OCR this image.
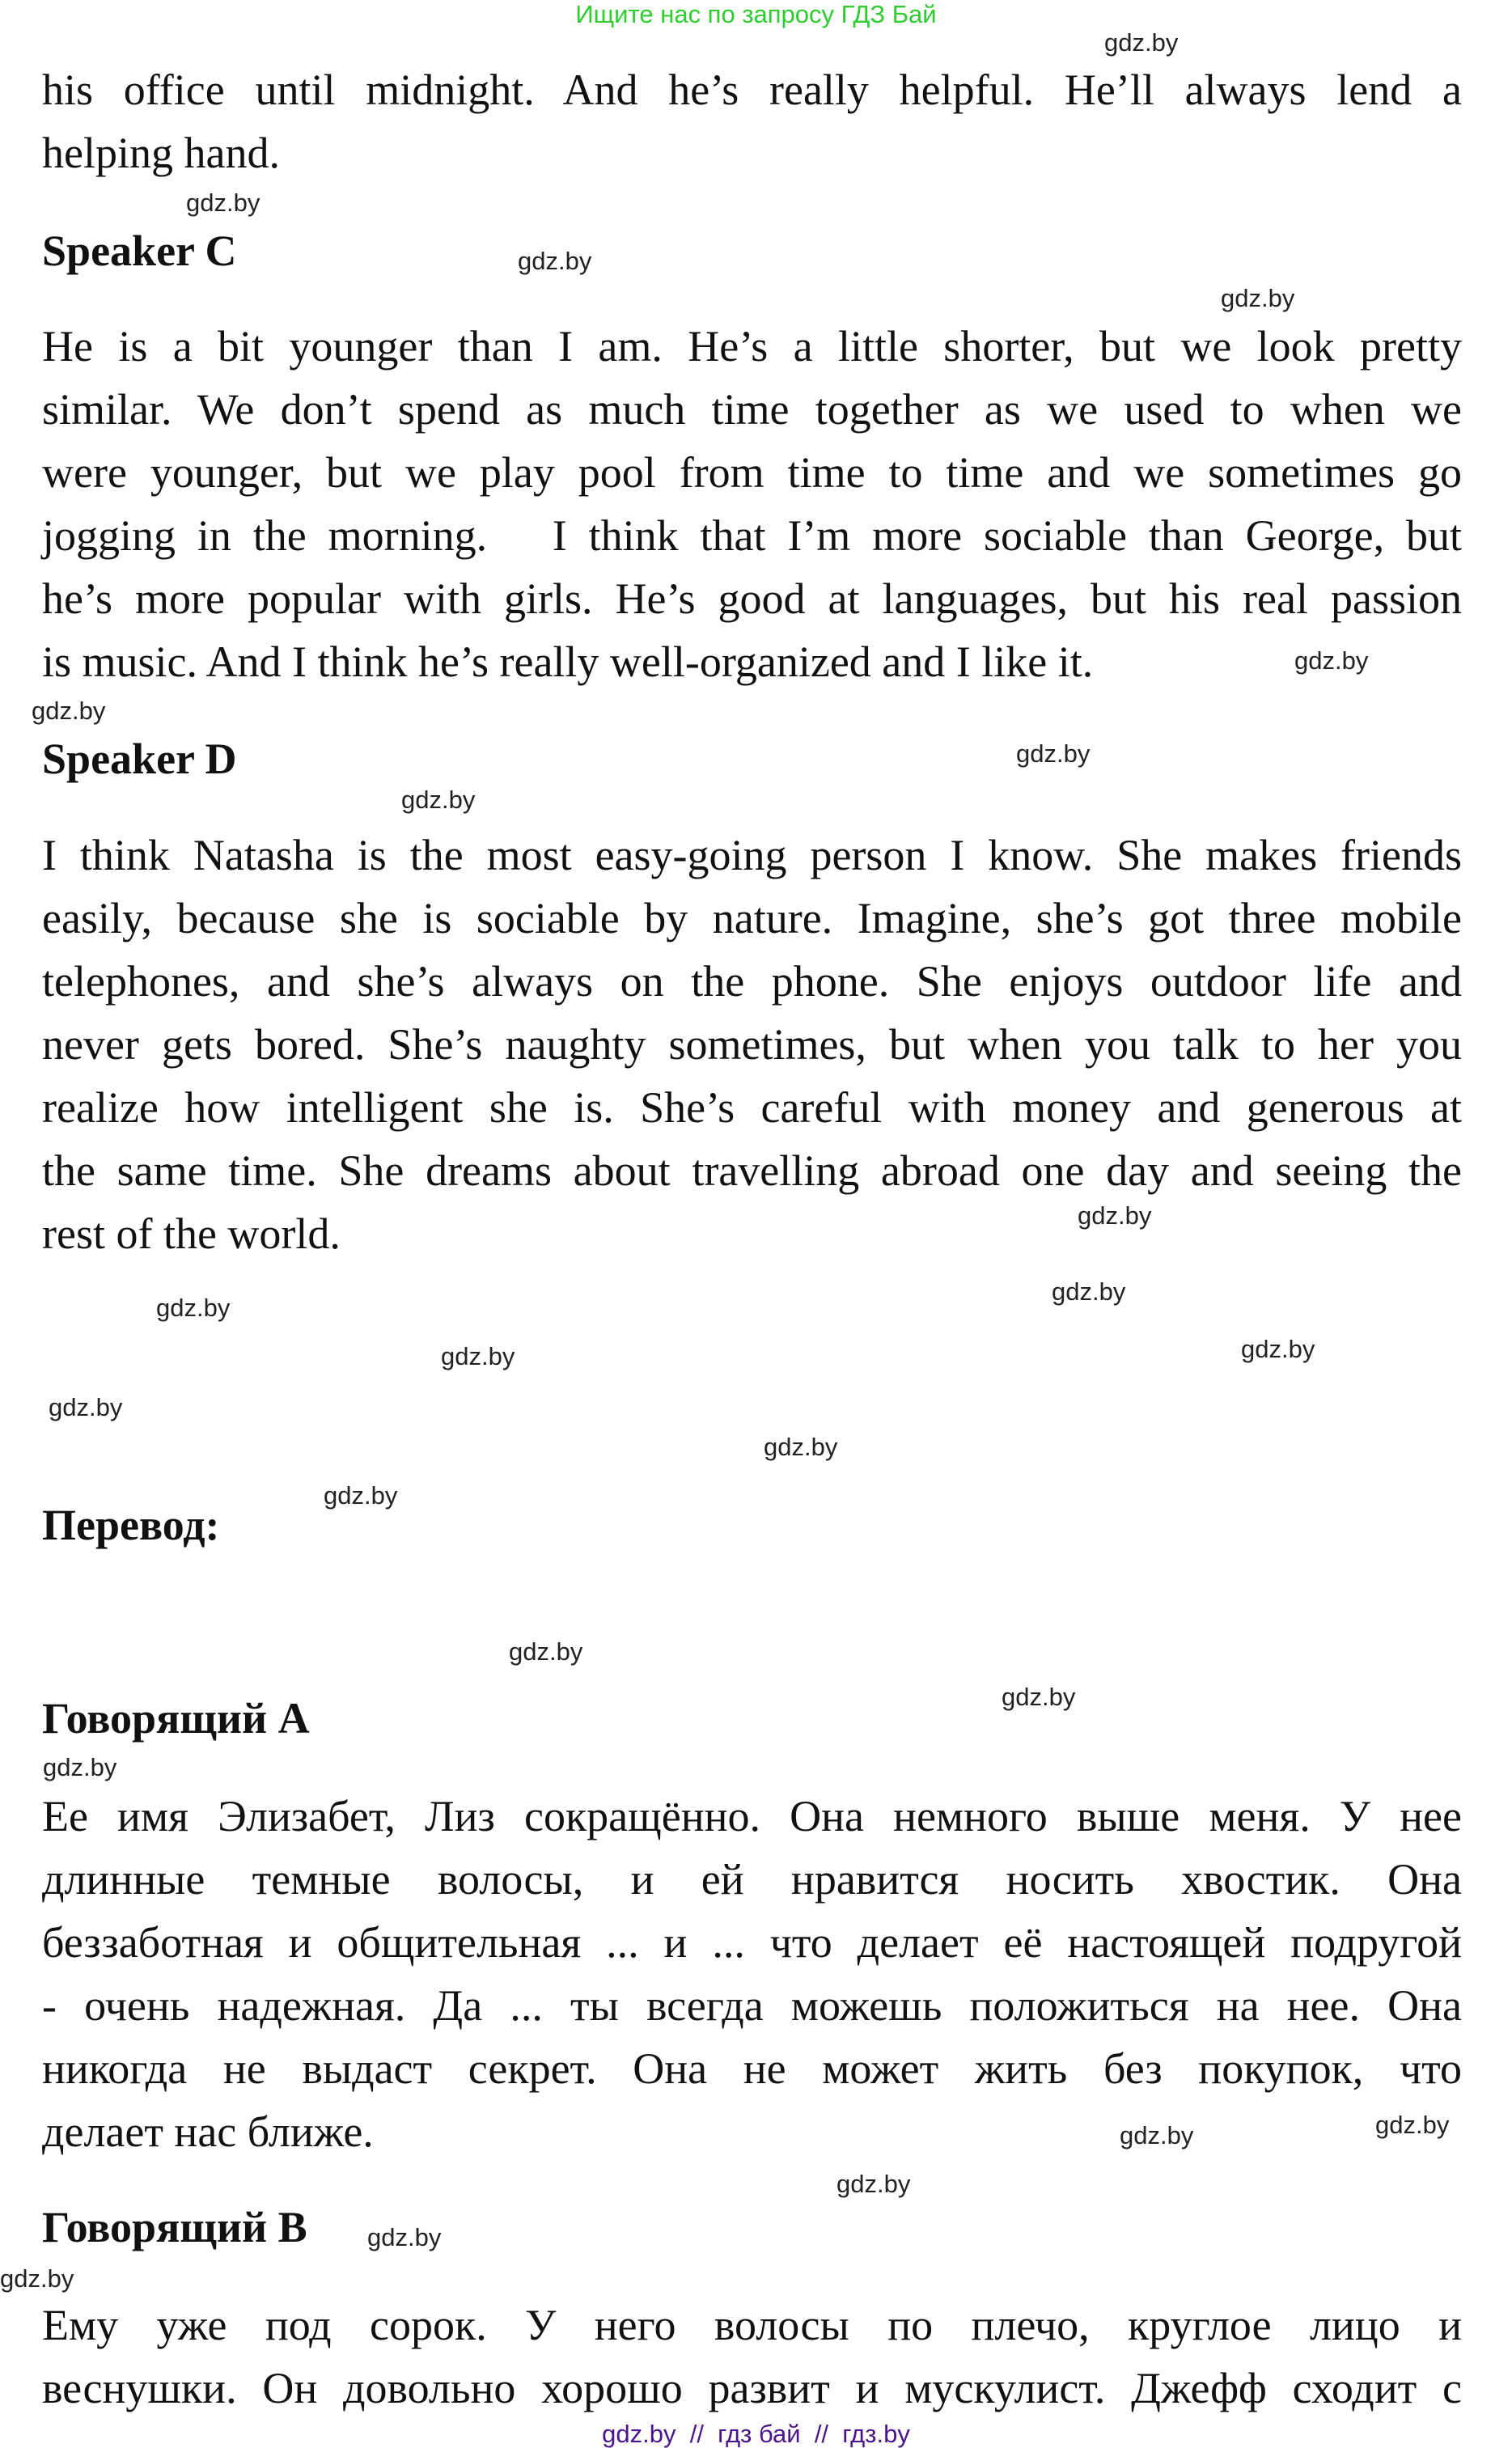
Ищите нас по запросу ГДЗ Бай
his office until midnight. And he’s really helpful. He’ll always lend a
helping hand.
Speaker C
He is a bit younger than I am. He’s a little shorter, but we look pretty
similar. We don’t spend as much time together as we used to when we
were younger, but we play pool from time to time and we sometimes go
jogging in the morning.   I think that I’m more sociable than George, but
he’s more popular with girls. He’s good at languages, but his real passion
is music. And I think he’s really well-organized and I like it.
Speaker D
I think Natasha is the most easy-going person I know. She makes friends
easily, because she is sociable by nature. Imagine, she’s got three mobile
telephones, and she’s always on the phone. She enjoys outdoor life and
never gets bored. She’s naughty sometimes, but when you talk to her you
realize how intelligent she is. She’s careful with money and generous at
the same time. She dreams about travelling abroad one day and seeing the
rest of the world.
Перевод:
Говорящий А
Ее имя Элизабет, Лиз сокращённо. Она немного выше меня. У нее
длинные темные волосы, и ей нравится носить хвостик. Она
беззаботная и общительная ... и ... что делает её настоящей подругой
- очень надежная. Да ... ты всегда можешь положиться на нее. Она
никогда не выдаст секрет. Она не может жить без покупок, что
делает нас ближе.
Говорящий В
Ему уже под сорок. У него волосы по плечо, круглое лицо и
веснушки. Он довольно хорошо развит и мускулист. Джефф сходит с
gdz.by
gdz.by
gdz.by
gdz.by
gdz.by
gdz.by
gdz.by
gdz.by
gdz.by
gdz.by
gdz.by
gdz.by
gdz.by
gdz.by
gdz.by
gdz.by
gdz.by
gdz.by
gdz.by
gdz.by
gdz.by
gdz.by
gdz.by
gdz.by
gdz.by  //  гдз бай  //  гдз.by
